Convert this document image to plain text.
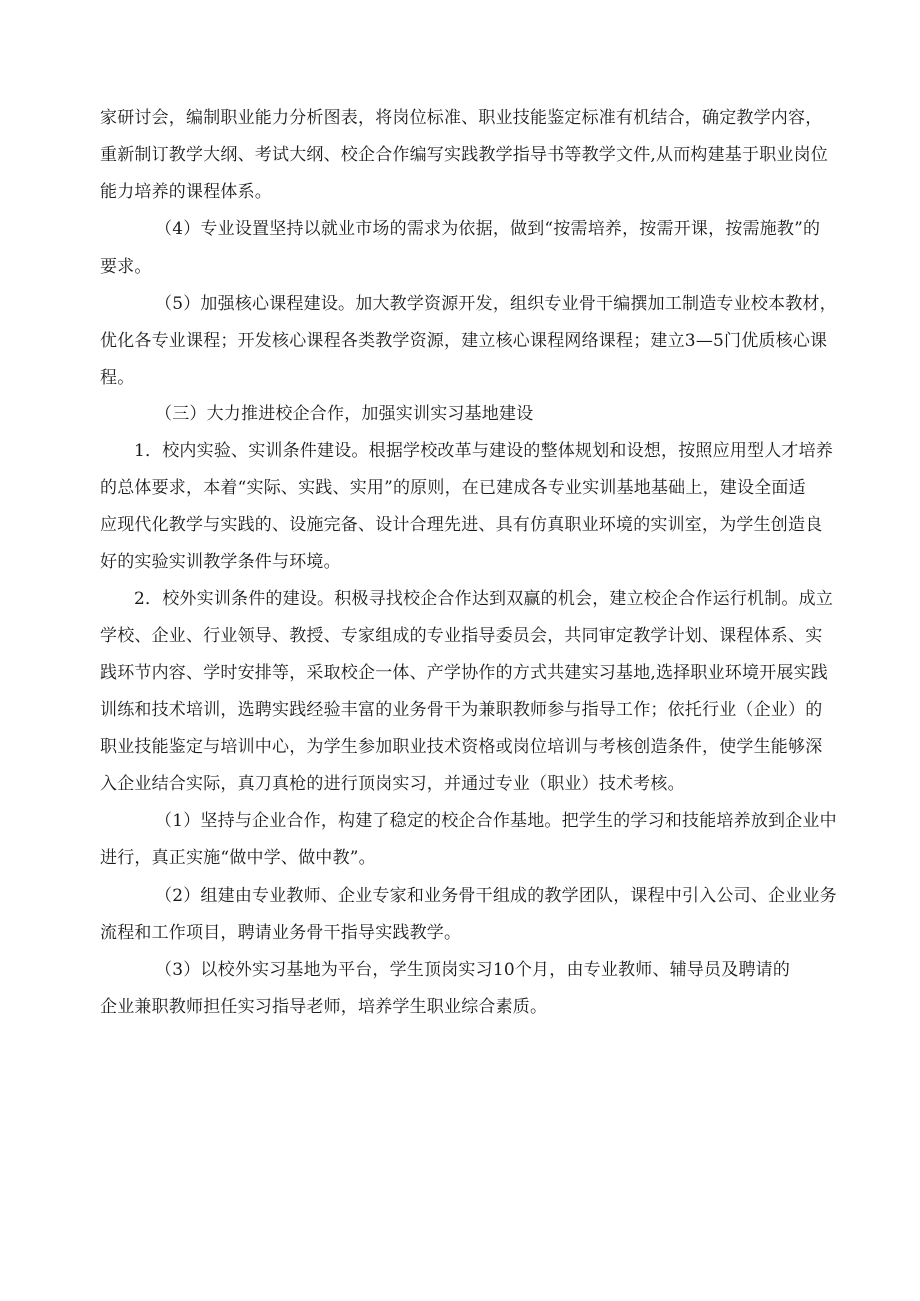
家研讨会，编制职业能力分析图表，将岗位标准、职业技能鉴定标准有机结合，确定教学内容，
重新制订教学大纲、考试大纲、校企合作编写实践教学指导书等教学文件,从而构建基于职业岗位
能力培养的课程体系。
（4）专业设置坚持以就业市场的需求为依据，做到“按需培养，按需开课，按需施教”的
要求。
（5）加强核心课程建设。加大教学资源开发，组织专业骨干编撰加工制造专业校本教材，
优化各专业课程；开发核心课程各类教学资源，建立核心课程网络课程；建立3—5门优质核心课
程。
（三）大力推进校企合作，加强实训实习基地建设
1．校内实验、实训条件建设。根据学校改革与建设的整体规划和设想，按照应用型人才培养
的总体要求，本着“实际、实践、实用”的原则，在已建成各专业实训基地基础上，建设全面适
应现代化教学与实践的、设施完备、设计合理先进、具有仿真职业环境的实训室，为学生创造良
好的实验实训教学条件与环境。
2．校外实训条件的建设。积极寻找校企合作达到双赢的机会，建立校企合作运行机制。成立
学校、企业、行业领导、教授、专家组成的专业指导委员会，共同审定教学计划、课程体系、实
践环节内容、学时安排等，采取校企一体、产学协作的方式共建实习基地,选择职业环境开展实践
训练和技术培训，选聘实践经验丰富的业务骨干为兼职教师参与指导工作；依托行业（企业）的
职业技能鉴定与培训中心，为学生参加职业技术资格或岗位培训与考核创造条件，使学生能够深
入企业结合实际，真刀真枪的进行顶岗实习，并通过专业（职业）技术考核。
（1）坚持与企业合作，构建了稳定的校企合作基地。把学生的学习和技能培养放到企业中
进行，真正实施“做中学、做中教”。
（2）组建由专业教师、企业专家和业务骨干组成的教学团队，课程中引入公司、企业业务
流程和工作项目，聘请业务骨干指导实践教学。
（3）以校外实习基地为平台，学生顶岗实习10个月，由专业教师、辅导员及聘请的
企业兼职教师担任实习指导老师，培养学生职业综合素质。
